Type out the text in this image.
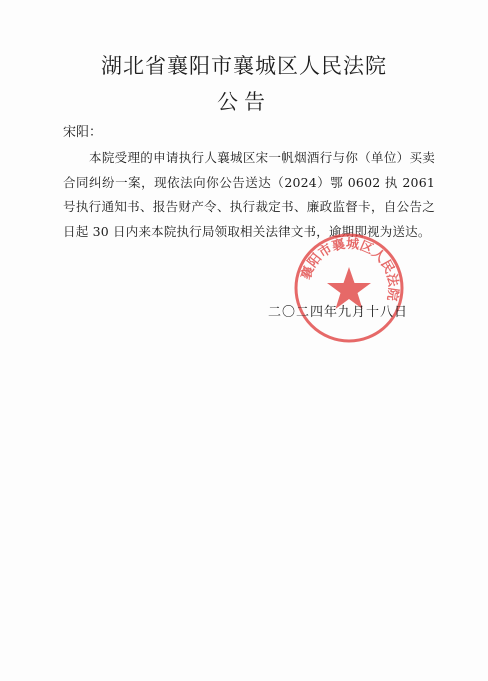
湖北省襄阳市襄城区人民法院
公告
宋阳：
本院受理的申请执行人襄城区宋一帆烟酒行与你（单位）买卖合同纠纷一案，现依法向你公告送达（2024）鄂 0602 执 2061 号执行通知书、报告财产令、执行裁定书、廉政监督卡，自公告之日起 30 日内来本院执行局领取相关法律文书，逾期即视为送达。
襄阳市襄城区人民法院
二〇二四年九月十八日
